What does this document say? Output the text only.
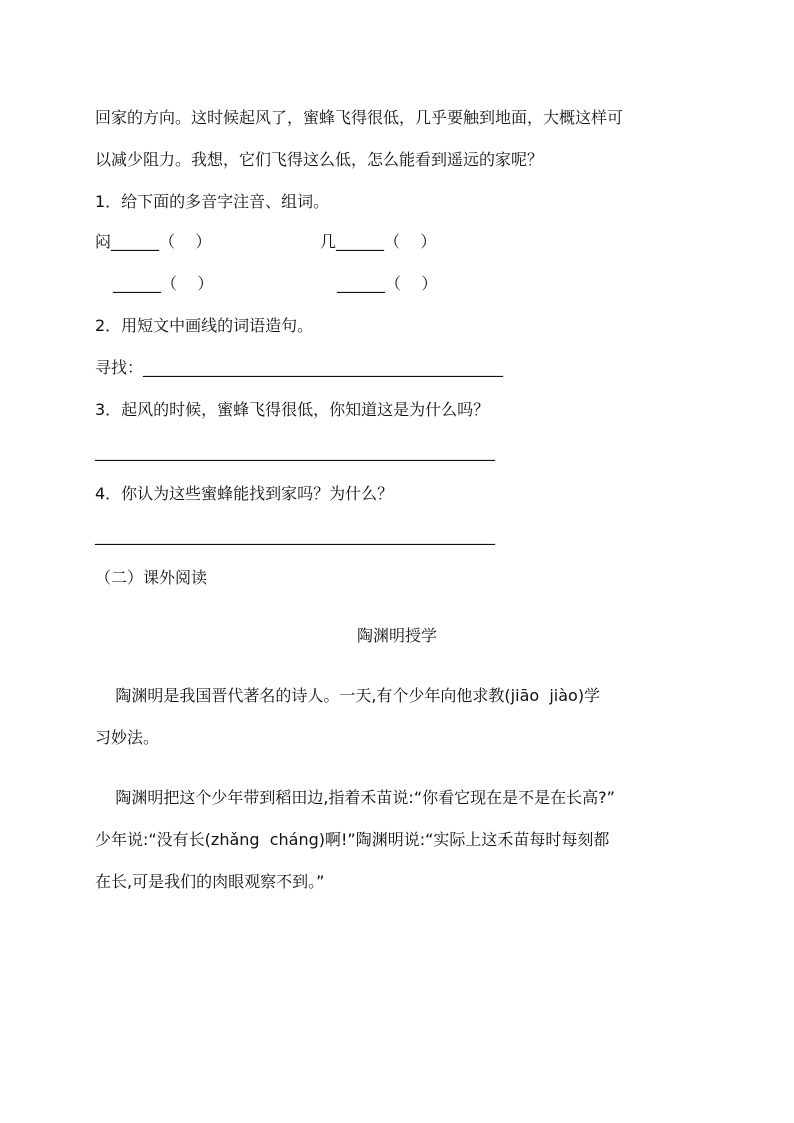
回家的方向。这时候起风了，蜜蜂飞得很低，几乎要触到地面，大概这样可
以减少阻力。我想，它们飞得这么低，怎么能看到遥远的家呢？
1．给下面的多音字注音、组词。
闷______（    ）	几______（    ）
______（    ）	______（    ）
2．用短文中画线的词语造句。
寻找：_____________________________________________
3．起风的时候，蜜蜂飞得很低，你知道这是为什么吗？
__________________________________________________
4．你认为这些蜜蜂能找到家吗？为什么？
__________________________________________________
（二）课外阅读
陶渊明授学
陶渊明是我国晋代著名的诗人。一天,有个少年向他求教(jiāo  jiào)学
习妙法。
陶渊明把这个少年带到稻田边,指着禾苗说:“你看它现在是不是在长高?”
少年说:“没有长(zhǎng  cháng)啊!”陶渊明说:“实际上这禾苗每时每刻都
在长,可是我们的肉眼观察不到。”
